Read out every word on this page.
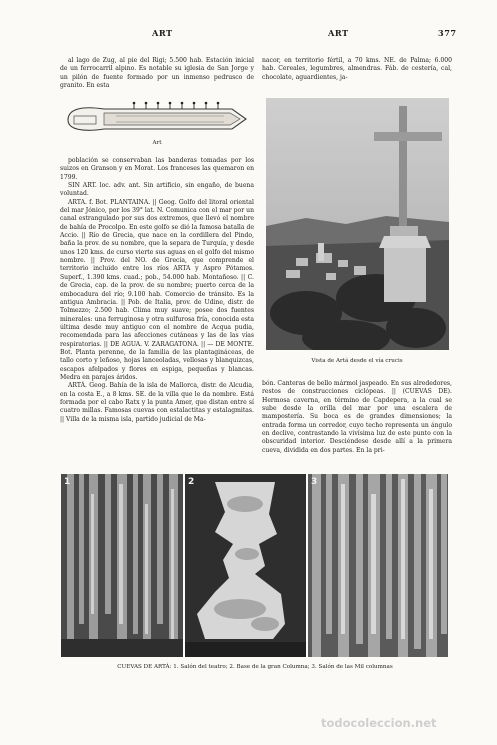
ART	ART	377

al lago de Zug, al pie del Rigi; 5.500 hab. Estación inicial de un ferrocarril alpino. Es notable su iglesia de San Jorge y un pilón de fuente formado por un inmenso pedrusco de granito. En esta

Art

población se conservaban las banderas tomadas por los suizos en Granson y en Morat. Los franceses las quemaron en 1799.

SIN ART. loc. adv. ant. Sin artificio, sin engaño, de buena voluntad.

ARTA. f. Bot. PLANTAINA. || Geog. Golfo del litoral oriental del mar Jónico, por los 39° lat. N. Comunica con el mar por un canal estrangulado por sus dos extremos, que llevó el nombre de bahía de Procolpo. En este golfo se dió la famosa batalla de Accio. || Río de Grecia, que nace en la cordillera del Pindo, baña la prov. de su nombre, que la separa de Turquía, y desde unos 120 kms. de curso vierte sus aguas en el golfo del mismo nombre. || Prov. del NO. de Grecia, que comprende el territorio incluido entre los ríos ARTA y Aspro Pótamos. Superf., 1.390 kms. cuad.; pob., 54.000 hab. Montañoso. || C. de Grecia, cap. de la prov. de su nombre; puerto cerca de la embocadura del río; 9.100 hab. Comercio de tránsito. Es la antigua Ambracia. || Pob. de Italia, prov. de Udine, distr. de Tolmezzo; 2.500 hab. Clima muy suave; posee dos fuentes minerales: una ferruginosa y otra sulfurosa fría, conocida esta última desde muy antiguo con el nombre de Acqua pudia, recomendada para las afecciones cutáneas y las de las vías respiratorias. || DE AGUA. V. ZARAGATONA. || — DE MONTE. Bot. Planta perenne, de la familia de las plantagináceas, de tallo corto y leñoso, hojas lanceoladas, vellosas y blanquizcas, escapos afelpados y flores en espiga, pequeñas y blancas. Medra en parajes áridos.

ARTÁ. Geog. Bahía de la isla de Mallorca, distr. de Alcudia, en la costa E., a 8 kms. SE. de la villa que le da nombre. Está formada por el cabo Ratx y la punta Amer, que distan entre sí cuatro millas. Famosas cuevas con estalactitas y estalagmitas. || Villa de la misma isla, partido judicial de Ma-

nacor, en territorio fértil, a 70 kms. NE. de Palma; 6.000 hab. Cereales, legumbres, almendras. Fáb. de cestería, cal, chocolate, aguardientes, ja-

Vista de Artá desde el vía crucis

bón. Canteras de bello mármol jaspeado. En sus alrededores, restos de construcciones ciclópeas. || (CUEVAS DE). Hermosa caverna, en término de Capdepera, a la cual se sube desde la orilla del mar por una escalera de mampostería. Su boca es de grandes dimensiones; la entrada forma un corredor, cuyo techo representa un ángulo en declive, contrastando la vivísima luz de este punto con la obscuridad interior. Desciéndese desde allí a la primera cueva, dividida en dos partes. En la pri-

1	2	3
CUEVAS DE ARTÁ: 1. Salón del teatro; 2. Base de la gran Columna; 3. Salón de las Mil columnas
todocoleccion.net
